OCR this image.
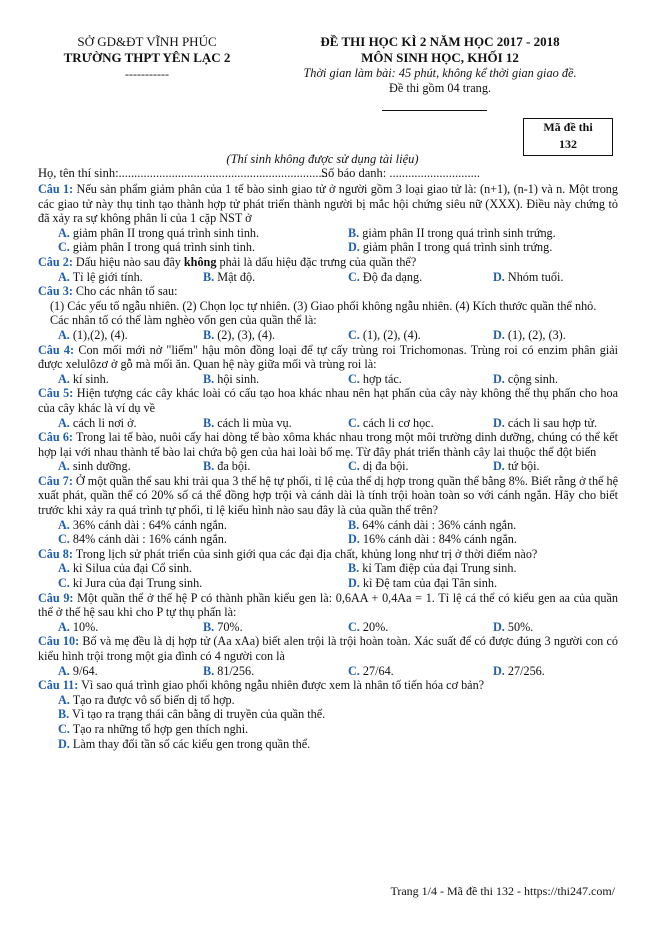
SỞ GD&ĐT VĨNH PHÚC
TRƯỜNG THPT YÊN LẠC 2
-----------
ĐỀ THI HỌC KÌ 2 NĂM HỌC 2017 - 2018
MÔN SINH HỌC, KHỐI 12
Thời gian làm bài: 45 phút, không kể thời gian giao đề.
Đề thi gồm 04 trang.
Mã đề thi
132
(Thí sinh không được sử dụng tài liệu)
Họ, tên thí sinh:...................................................................
Số báo danh: .............................

Câu 1: Nếu sản phẩm giảm phân của 1 tế bào sinh giao tử ở người gồm 3 loại giao tử là: (n+1), (n-1) và n. Một trong các giao tử này thụ tinh tạo thành hợp tử phát triển thành người bị mắc hội chứng siêu nữ (XXX). Điều này chứng tỏ đã xảy ra sự không phân li của 1 cặp NST ở

A. giảm phân II trong quá trình sinh tinh.	B. giảm phân II trong quá trình sinh trứng.
C. giảm phân I trong quá trình sinh tinh.	D. giảm phân I trong quá trình sinh trứng.

Câu 2: Dấu hiệu nào sau đây không phải là dấu hiệu đặc trưng của quần thể?

A. Tỉ lệ giới tính.	B. Mật độ.	C. Độ đa dạng.	D. Nhóm tuổi.

Câu 3: Cho các nhân tố sau:

(1) Các yếu tố ngẫu nhiên. (2) Chọn lọc tự nhiên. (3) Giao phối không ngẫu nhiên. (4) Kích thước quần thể nhỏ.

Các nhân tố có thể làm nghèo vốn gen của quần thể là:

A. (1),(2), (4).	B. (2), (3), (4).	C. (1), (2), (4).	D. (1), (2), (3).

Câu 4: Con mối mới nở "liếm" hậu môn đồng loại để tự cấy trùng roi Trichomonas. Trùng roi có enzim phân giải được xelulôzơ ở gỗ mà mối ăn. Quan hệ này giữa mối và trùng roi là:

A. kí sinh.	B. hội sinh.	C. hợp tác.	D. cộng sinh.

Câu 5: Hiện tượng các cây khác loài có cấu tạo hoa khác nhau nên hạt phấn của cây này không thể thụ phấn cho hoa của cây khác là ví dụ về

A. cách li nơi ở.	B. cách li mùa vụ.	C. cách li cơ học.	D. cách li sau hợp tử.

Câu 6: Trong lai tế bào, nuôi cấy hai dòng tế bào xôma khác nhau trong một môi trường dinh dưỡng, chúng có thể kết hợp lại với nhau thành tế bào lai chứa bộ gen của hai loài bố mẹ. Từ đây phát triển thành cây lai thuộc thể đột biến

A. sinh dưỡng.	B. đa bội.	C. dị đa bội.	D. tứ bội.

Câu 7: Ở một quần thể sau khi trải qua 3 thế hệ tự phối, tỉ lệ của thể dị hợp trong quần thể bằng 8%. Biết rằng ở thế hệ xuất phát, quần thể có 20% số cá thể đồng hợp trội và cánh dài là tính trội hoàn toàn so với cánh ngắn. Hãy cho biết trước khi xảy ra quá trình tự phối, tỉ lệ kiểu hình nào sau đây là của quần thể trên?

A. 36% cánh dài : 64% cánh ngắn.	B. 64% cánh dài : 36% cánh ngắn.
C. 84% cánh dài : 16% cánh ngắn.	D. 16% cánh dài : 84% cánh ngắn.

Câu 8: Trong lịch sử phát triển của sinh giới qua các đại địa chất, khủng long như trị ở thời điểm nào?

A. kỉ Silua của đại Cổ sinh.	B. kỉ Tam điệp của đại Trung sinh.
C. kỉ Jura của đại Trung sinh.	D. kỉ Đệ tam của đại Tân sinh.

Câu 9: Một quần thể ở thế hệ P có thành phần kiểu gen là: 0,6AA + 0,4Aa = 1. Tỉ lệ cá thể có kiểu gen aa của quần thể ở thế hệ sau khi cho P tự thụ phấn là:

A. 10%.	B. 70%.	C. 20%.	D. 50%.

Câu 10: Bố và mẹ đều là dị hợp tử (Aa xAa) biết alen trội là trội hoàn toàn. Xác suất để có được đúng 3 người con có kiểu hình trội trong một gia đình có 4 người con là

A. 9/64.	B. 81/256.	C. 27/64.	D. 27/256.

Câu 11: Vì sao quá trình giao phối không ngẫu nhiên được xem là nhân tố tiến hóa cơ bản?

A. Tạo ra được vô số biến dị tổ hợp.
B. Vì tạo ra trạng thái cân bằng di truyền của quần thể.
C. Tạo ra những tổ hợp gen thích nghi.
D. Làm thay đổi tần số các kiểu gen trong quần thể.
Trang 1/4 - Mã đề thi 132 - https://thi247.com/
